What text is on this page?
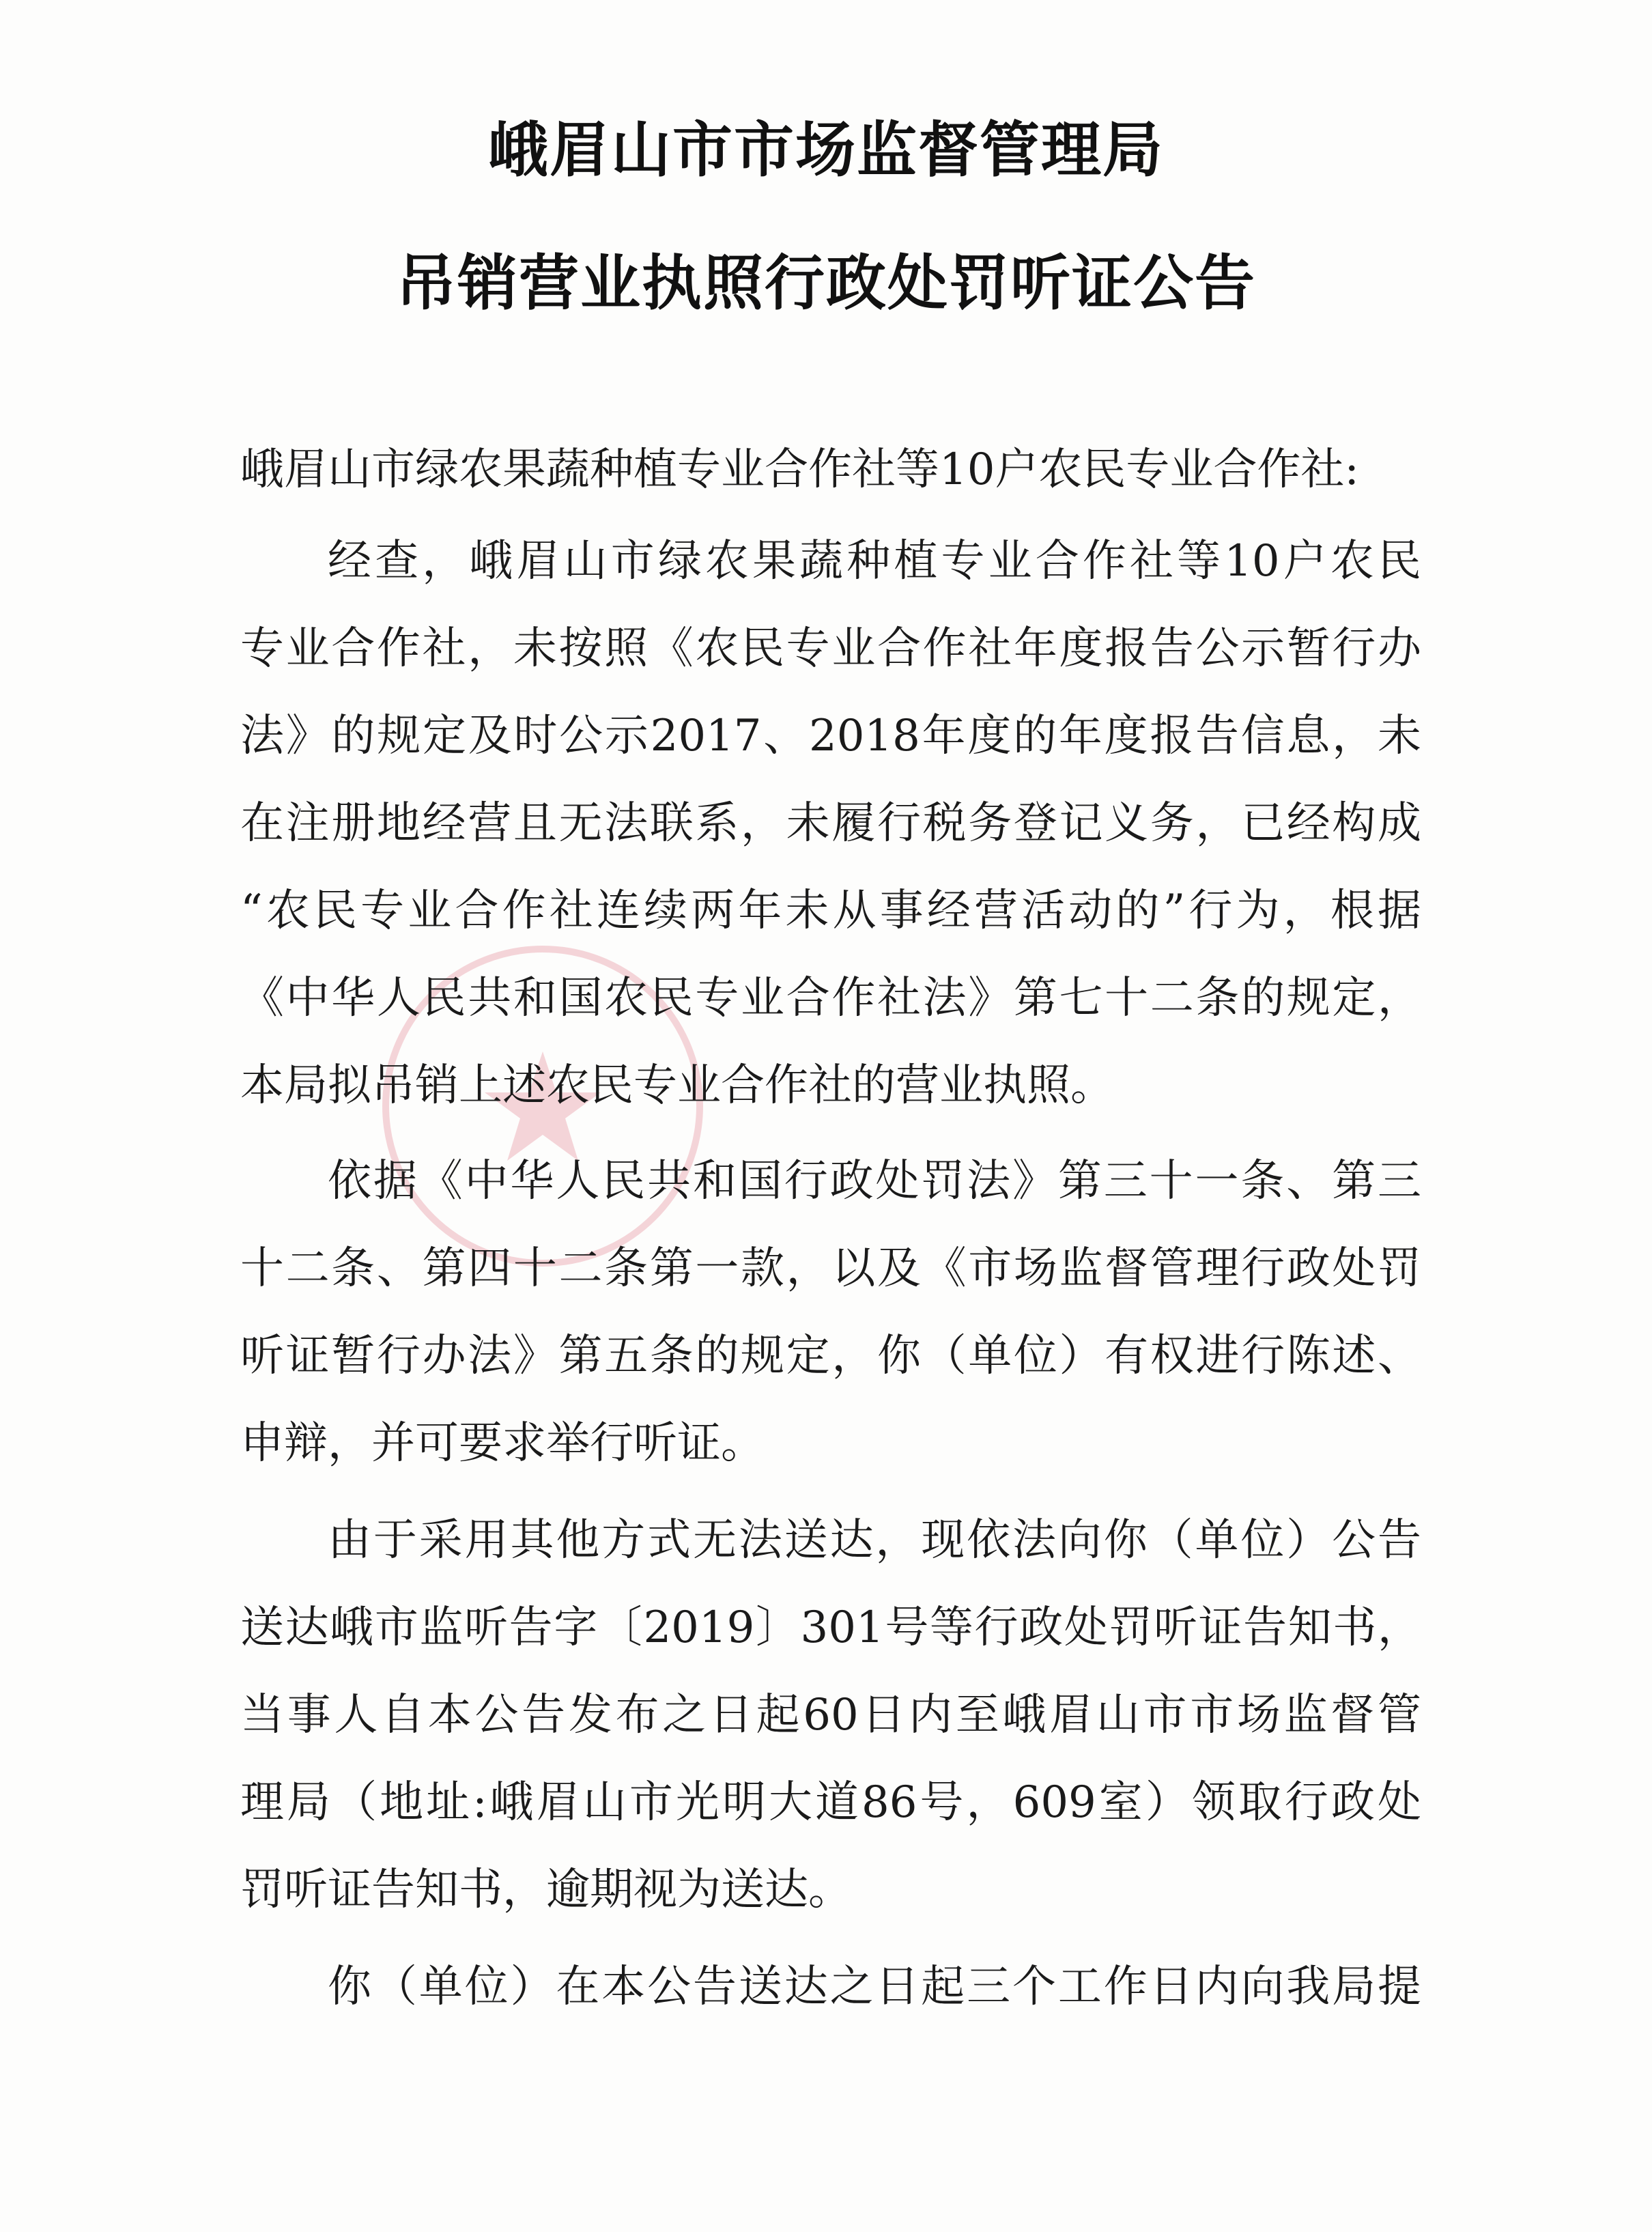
峨眉山市市场监督管理局
吊销营业执照行政处罚听证公告

峨眉山市绿农果蔬种植专业合作社等10户农民专业合作社:

经查，峨眉山市绿农果蔬种植专业合作社等10户农民

专业合作社，未按照《农民专业合作社年度报告公示暂行办

法》的规定及时公示2017、2018年度的年度报告信息，未

在注册地经营且无法联系，未履行税务登记义务，已经构成

“农民专业合作社连续两年未从事经营活动的”行为，根据

《中华人民共和国农民专业合作社法》第七十二条的规定，

本局拟吊销上述农民专业合作社的营业执照。

依据《中华人民共和国行政处罚法》第三十一条、第三

十二条、第四十二条第一款，以及《市场监督管理行政处罚

听证暂行办法》第五条的规定，你（单位）有权进行陈述、

申辩，并可要求举行听证。

由于采用其他方式无法送达，现依法向你（单位）公告

送达峨市监听告字〔2019〕301号等行政处罚听证告知书，

当事人自本公告发布之日起60日内至峨眉山市市场监督管

理局（地址:峨眉山市光明大道86号，609室）领取行政处

罚听证告知书，逾期视为送达。

你（单位）在本公告送达之日起三个工作日内向我局提
